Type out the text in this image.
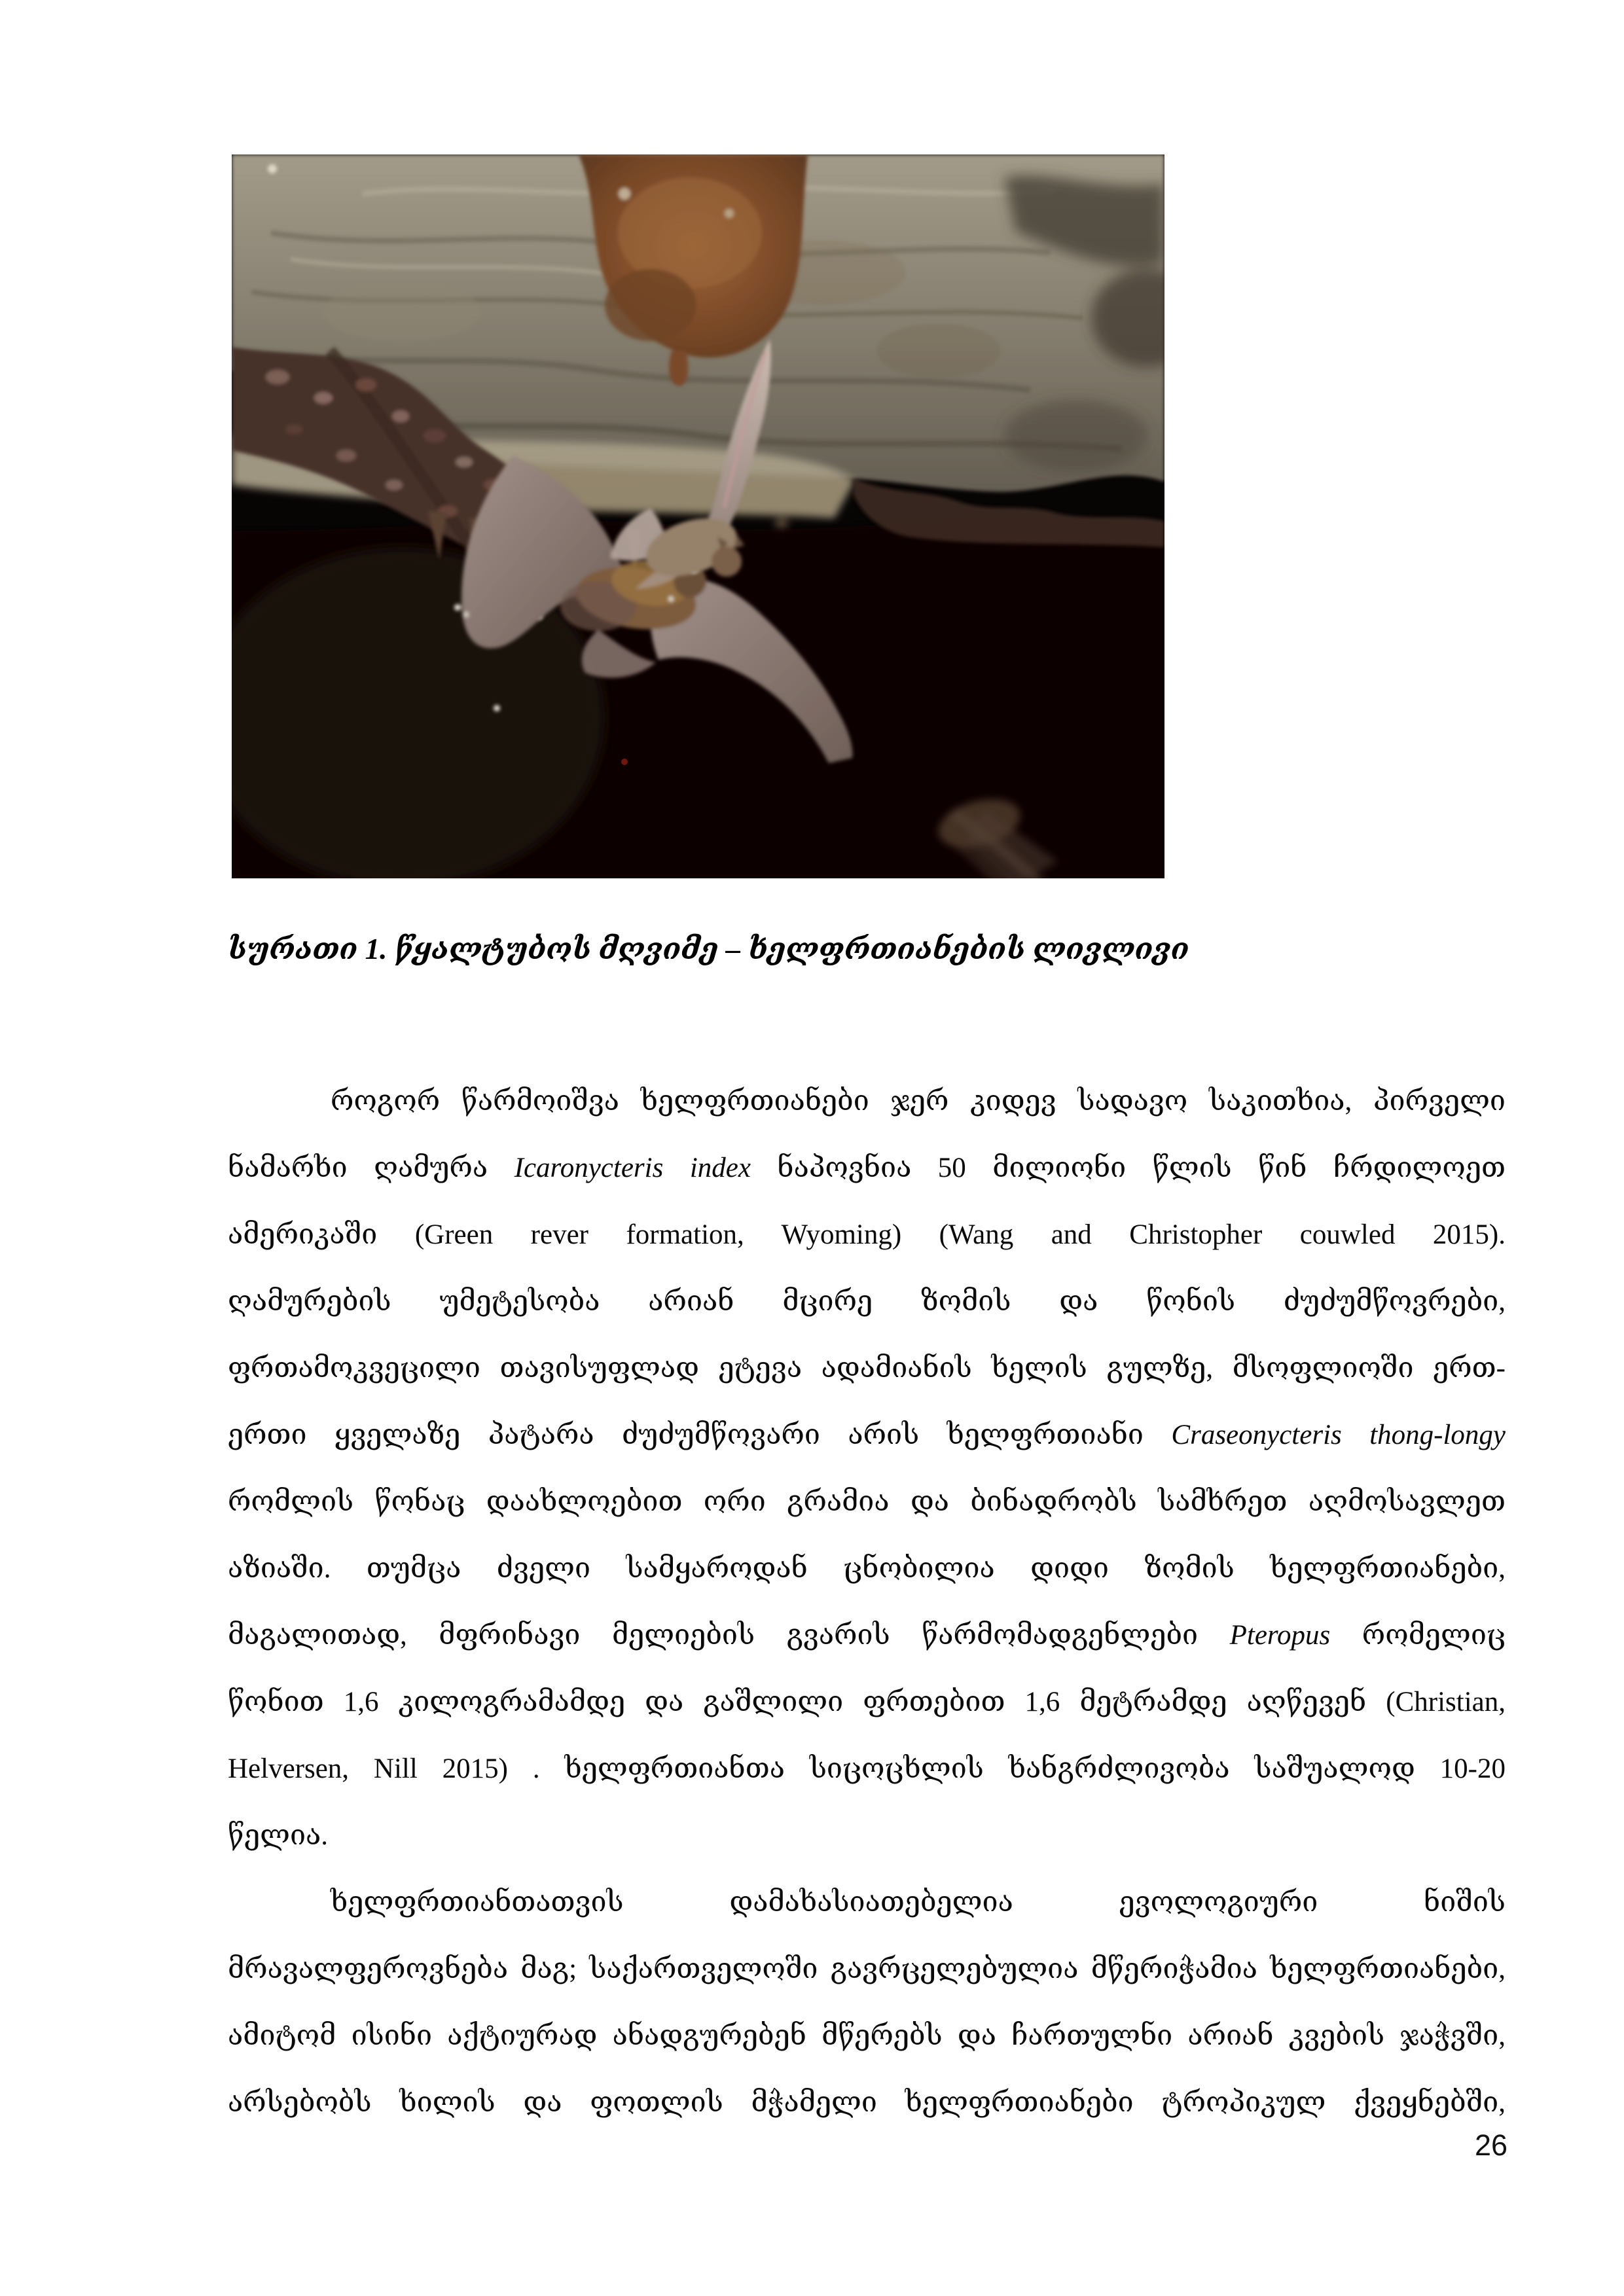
სურათი 1. წყალტუბოს მღვიმე – ხელფრთიანების ლივლივი
როგორ წარმოიშვა ხელფრთიანები ჯერ კიდევ სადავო საკითხია, პირველი
ნამარხი ღამურა Icaronycteris index ნაპოვნია 50 მილიონი წლის წინ ჩრდილოეთ
ამერიკაში (Green rever formation, Wyoming) (Wang and Christopher couwled 2015).
ღამურების უმეტესობა არიან მცირე ზომის და წონის ძუძუმწოვრები,
ფრთამოკვეცილი თავისუფლად ეტევა ადამიანის ხელის გულზე, მსოფლიოში ერთ-
ერთი ყველაზე პატარა ძუძუმწოვარი არის ხელფრთიანი Craseonycteris thong-longy
რომლის წონაც დაახლოებით ორი გრამია და ბინადრობს სამხრეთ აღმოსავლეთ
აზიაში. თუმცა ძველი სამყაროდან ცნობილია დიდი ზომის ხელფრთიანები,
მაგალითად, მფრინავი მელიების გვარის წარმომადგენლები Pteropus რომელიც
წონით 1,6 კილოგრამამდე და გაშლილი ფრთებით 1,6 მეტრამდე აღწევენ (Christian,
Helversen, Nill 2015) . ხელფრთიანთა სიცოცხლის ხანგრძლივობა საშუალოდ 10-20
წელია.
ხელფრთიანთათვის დამახასიათებელია ევოლოგიური ნიშის
მრავალფეროვნება მაგ; საქართველოში გავრცელებულია მწერიჭამია ხელფრთიანები,
ამიტომ ისინი აქტიურად ანადგურებენ მწერებს და ჩართულნი არიან კვების ჯაჭვში,
არსებობს ხილის და ფოთლის მჭამელი ხელფრთიანები ტროპიკულ ქვეყნებში,
26
